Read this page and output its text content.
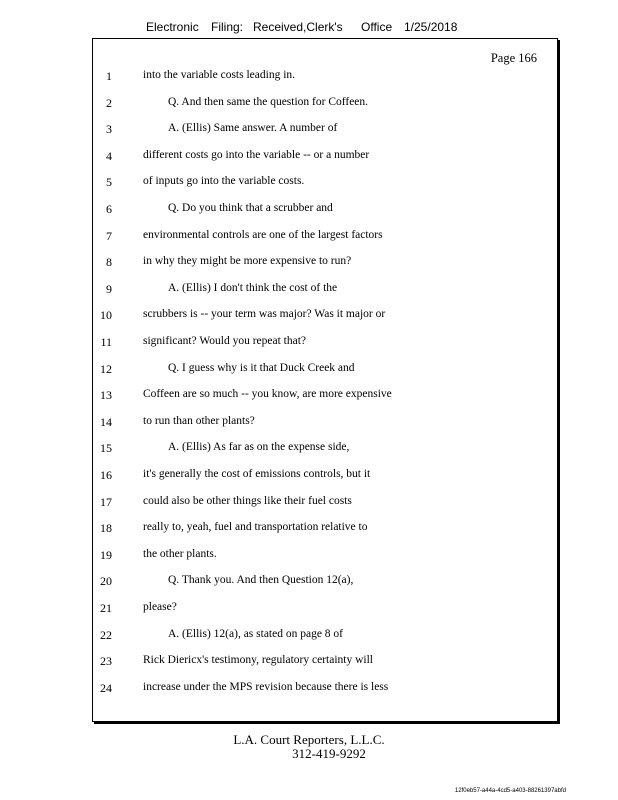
Electronic Filing: Received,Clerk's Office 1/25/2018
Page 166
1	into the variable costs leading in.
2	Q. And then same the question for Coffeen.
3	A. (Ellis) Same answer. A number of
4	different costs go into the variable -- or a number
5	of inputs go into the variable costs.
6	Q. Do you think that a scrubber and
7	environmental controls are one of the largest factors
8	in why they might be more expensive to run?
9	A. (Ellis) I don't think the cost of the
10	scrubbers is -- your term was major? Was it major or
11	significant? Would you repeat that?
12	Q. I guess why is it that Duck Creek and
13	Coffeen are so much -- you know, are more expensive
14	to run than other plants?
15	A. (Ellis) As far as on the expense side,
16	it's generally the cost of emissions controls, but it
17	could also be other things like their fuel costs
18	really to, yeah, fuel and transportation relative to
19	the other plants.
20	Q. Thank you. And then Question 12(a),
21	please?
22	A. (Ellis) 12(a), as stated on page 8 of
23	Rick Diericx's testimony, regulatory certainty will
24	increase under the MPS revision because there is less
L.A. Court Reporters, L.L.C.
312-419-9292
12f0eb57-a44a-4cd5-a403-88261397abfd
